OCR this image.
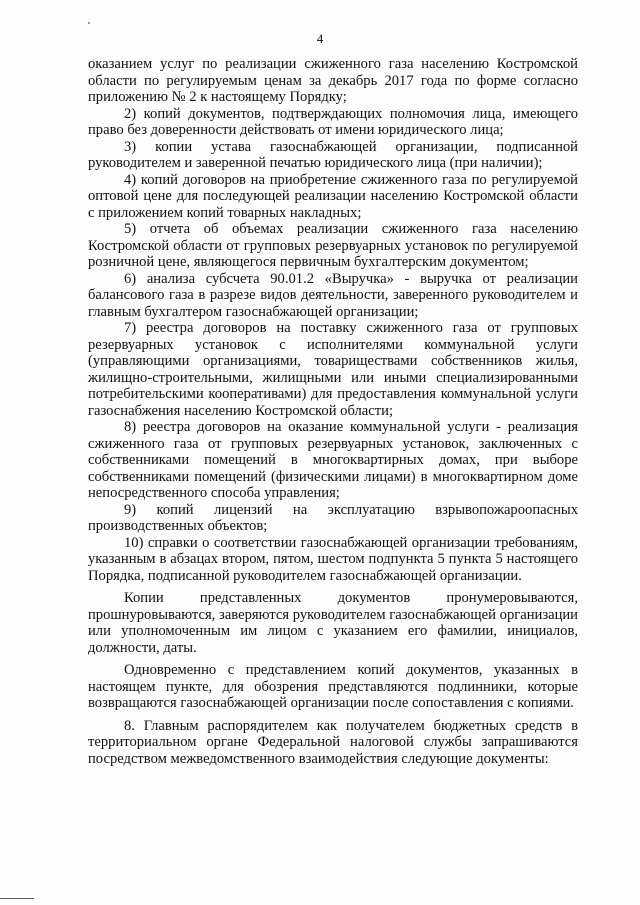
4

оказанием услуг по реализации сжиженного газа населению Костромской области по регулируемым ценам за декабрь 2017 года по форме согласно приложению № 2 к настоящему Порядку;

2) копий документов, подтверждающих полномочия лица, имеющего право без доверенности действовать от имени юридического лица;

3) копии устава газоснабжающей организации, подписанной руководителем и заверенной печатью юридического лица (при наличии);

4) копий договоров на приобретение сжиженного газа по регулируемой оптовой цене для последующей реализации населению Костромской области с приложением копий товарных накладных;

5) отчета об объемах реализации сжиженного газа населению Костромской области от групповых резервуарных установок по регулируемой розничной цене, являющегося первичным бухгалтерским документом;

6) анализа субсчета 90.01.2 «Выручка» - выручка от реализации балансового газа в разрезе видов деятельности, заверенного руководителем и главным бухгалтером газоснабжающей организации;

7) реестра договоров на поставку сжиженного газа от групповых резервуарных установок с исполнителями коммунальной услуги (управляющими организациями, товариществами собственников жилья, жилищно-строительными, жилищными или иными специализированными потребительскими кооперативами) для предоставления коммунальной услуги газоснабжения населению Костромской области;

8) реестра договоров на оказание коммунальной услуги - реализация сжиженного газа от групповых резервуарных установок, заключенных с собственниками помещений в многоквартирных домах, при выборе собственниками помещений (физическими лицами) в многоквартирном доме непосредственного способа управления;

9) копий лицензий на эксплуатацию взрывопожароопасных производственных объектов;

10) справки о соответствии газоснабжающей организации требованиям, указанным в абзацах втором, пятом, шестом подпункта 5 пункта 5 настоящего Порядка, подписанной руководителем газоснабжающей организации.

Копии представленных документов пронумеровываются, прошнуровываются, заверяются руководителем газоснабжающей организации или уполномоченным им лицом с указанием его фамилии, инициалов, должности, даты.

Одновременно с представлением копий документов, указанных в настоящем пункте, для обозрения представляются подлинники, которые возвращаются газоснабжающей организации после сопоставления с копиями.

8. Главным распорядителем как получателем бюджетных средств в территориальном органе Федеральной налоговой службы запрашиваются посредством межведомственного взаимодействия следующие документы:
